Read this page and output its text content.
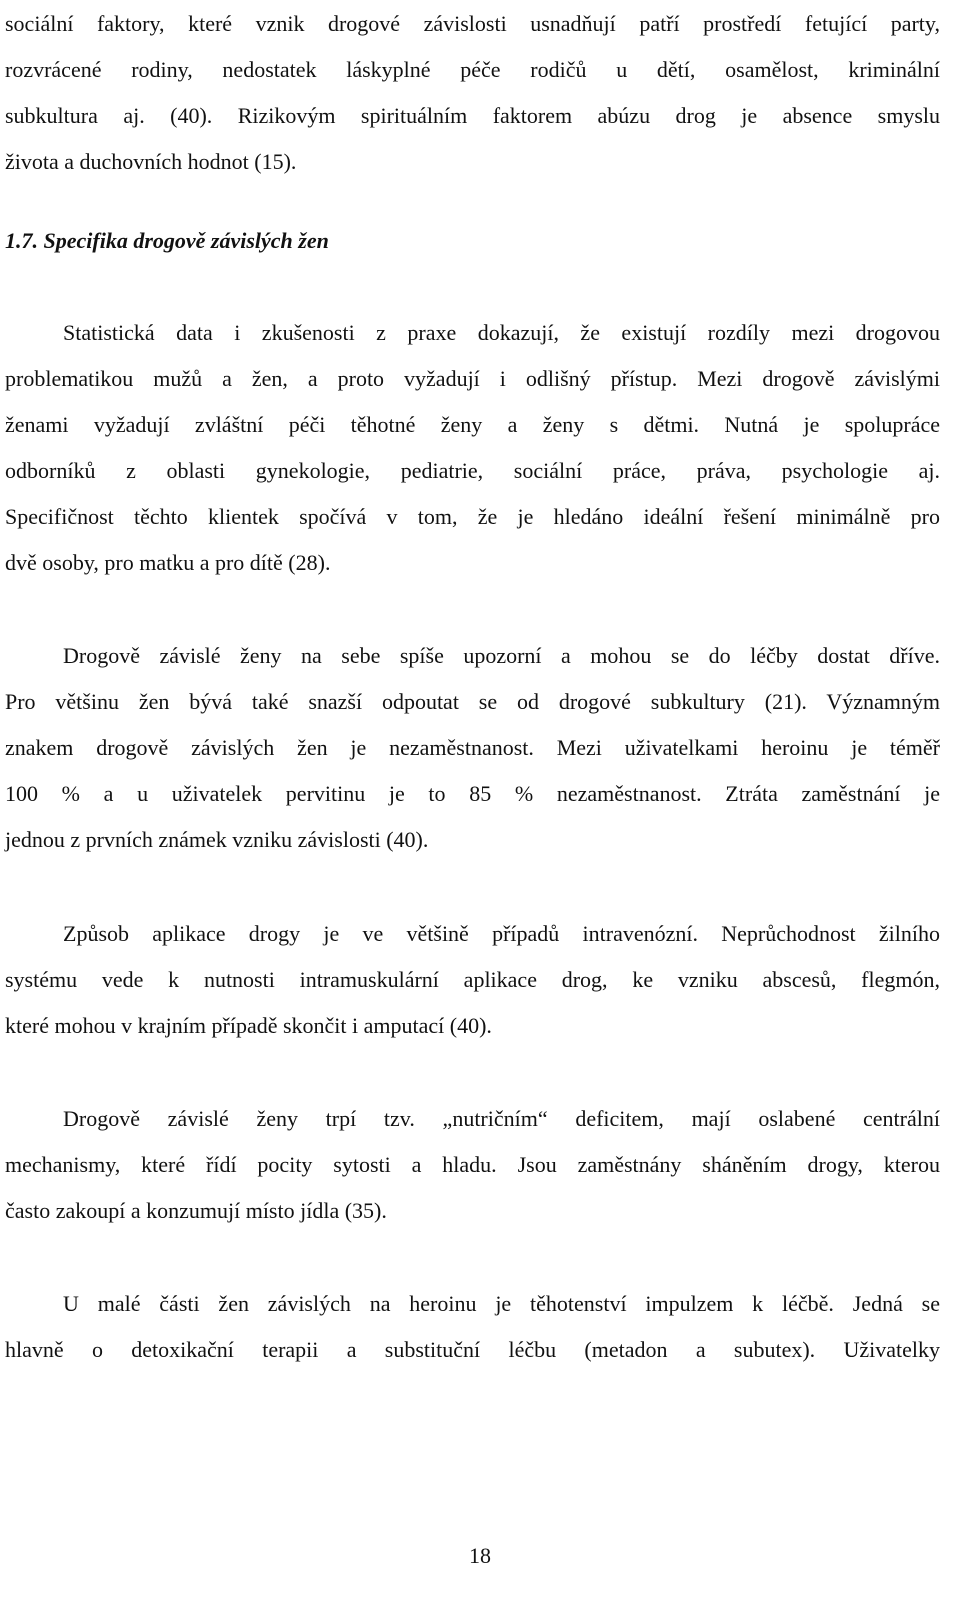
sociální faktory, které vznik drogové závislosti usnadňují patří prostředí fetující party,
rozvrácené rodiny, nedostatek láskyplné péče rodičů u dětí, osamělost, kriminální
subkultura aj. (40). Rizikovým spirituálním faktorem abúzu drog je absence smyslu
života a duchovních hodnot (15).
1.7. Specifika drogově závislých žen
Statistická data i zkušenosti z praxe dokazují, že existují rozdíly mezi drogovou
problematikou mužů a žen, a proto vyžadují i odlišný přístup. Mezi drogově závislými
ženami vyžadují zvláštní péči těhotné ženy a ženy s dětmi. Nutná je spolupráce
odborníků z oblasti gynekologie, pediatrie, sociální práce, práva, psychologie aj.
Specifičnost těchto klientek spočívá v tom, že je hledáno ideální řešení minimálně pro
dvě osoby, pro matku a pro dítě (28).
Drogově závislé ženy na sebe spíše upozorní a mohou se do léčby dostat dříve.
Pro většinu žen bývá také snazší odpoutat se od drogové subkultury (21). Významným
znakem drogově závislých žen je nezaměstnanost. Mezi uživatelkami heroinu je téměř
100 % a u uživatelek pervitinu je to 85 % nezaměstnanost. Ztráta zaměstnání je
jednou z prvních známek vzniku závislosti (40).
Způsob aplikace drogy je ve většině případů intravenózní. Neprůchodnost žilního
systému vede k nutnosti intramuskulární aplikace drog, ke vzniku abscesů, flegmón,
které mohou v krajním případě skončit i amputací (40).
Drogově závislé ženy trpí tzv. „nutričním“ deficitem, mají oslabené centrální
mechanismy, které řídí pocity sytosti a hladu. Jsou zaměstnány sháněním drogy, kterou
často zakoupí a konzumují místo jídla (35).
U malé části žen závislých na heroinu je těhotenství impulzem k léčbě. Jedná se
hlavně o detoxikační terapii a substituční léčbu (metadon a subutex). Uživatelky
18
